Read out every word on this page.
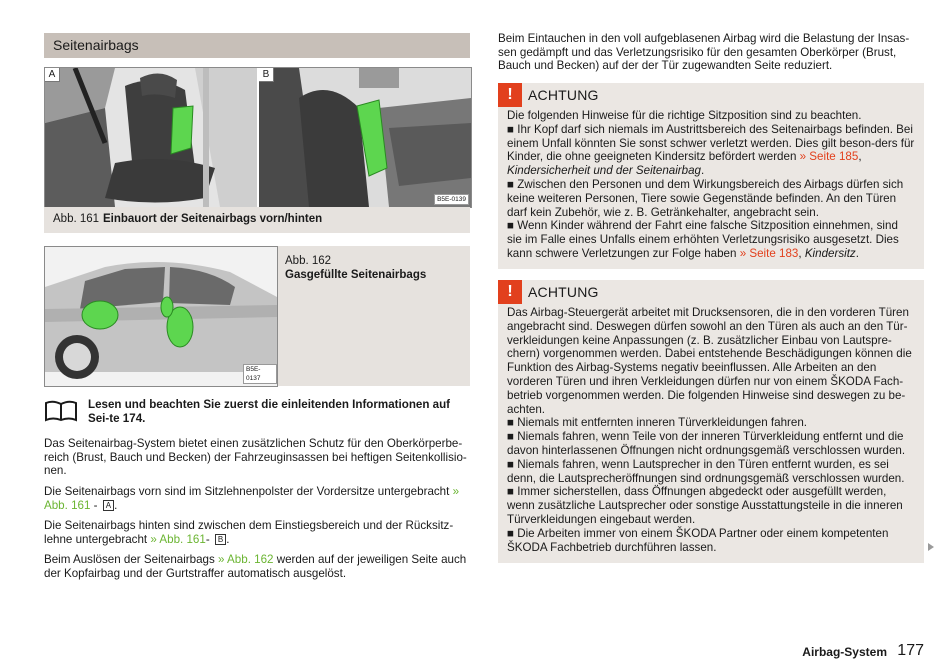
Seitenairbags
A	B
B5E-0139
Abb. 161 Einbauort der Seitenairbags vorn/hinten
B5E-0137
Abb. 162
Gasgefüllte Seitenairbags
Lesen und beachten Sie zuerst die einleitenden Informationen auf Sei-te 174.

Das Seitenairbag-System bietet einen zusätzlichen Schutz für den Oberkörperbe-reich (Brust, Bauch und Becken) der Fahrzeuginsassen bei heftigen Seitenkollisio-nen.

Die Seitenairbags vorn sind im Sitzlehnenpolster der Vordersitze untergebracht » Abb. 161 - A .

Die Seitenairbags hinten sind zwischen dem Einstiegsbereich und der Rücksitz-lehne untergebracht » Abb. 161- B .

Beim Auslösen der Seitenairbags » Abb. 162 werden auf der jeweiligen Seite auch der Kopfairbag und der Gurtstraffer automatisch ausgelöst.

Beim Eintauchen in den voll aufgeblasenen Airbag wird die Belastung der Insas-sen gedämpft und das Verletzungsrisiko für den gesamten Oberkörper (Brust, Bauch und Becken) auf der der Tür zugewandten Seite reduziert.

!	ACHTUNG

Die folgenden Hinweise für die richtige Sitzposition sind zu beachten.

■ Ihr Kopf darf sich niemals im Austrittsbereich des Seitenairbags befinden. Bei einem Unfall könnten Sie sonst schwer verletzt werden. Dies gilt beson-ders für Kinder, die ohne geeigneten Kindersitz befördert werden » Seite 185, Kindersicherheit und der Seitenairbag.

■ Zwischen den Personen und dem Wirkungsbereich des Airbags dürfen sich keine weiteren Personen, Tiere sowie Gegenstände befinden. An den Türen darf kein Zubehör, wie z. B. Getränkehalter, angebracht sein.

■ Wenn Kinder während der Fahrt eine falsche Sitzposition einnehmen, sind sie im Falle eines Unfalls einem erhöhten Verletzungsrisiko ausgesetzt. Dies kann schwere Verletzungen zur Folge haben » Seite 183, Kindersitz.

!	ACHTUNG

Das Airbag-Steuergerät arbeitet mit Drucksensoren, die in den vorderen Türen angebracht sind. Deswegen dürfen sowohl an den Türen als auch an den Tür-verkleidungen keine Anpassungen (z. B. zusätzlicher Einbau von Lautspre-chern) vorgenommen werden. Dabei entstehende Beschädigungen können die Funktion des Airbag-Systems negativ beeinflussen. Alle Arbeiten an den vorderen Türen und ihren Verkleidungen dürfen nur von einem ŠKODA Fach-betrieb vorgenommen werden. Die folgenden Hinweise sind deswegen zu be-achten.

■ Niemals mit entfernten inneren Türverkleidungen fahren.

■ Niemals fahren, wenn Teile von der inneren Türverkleidung entfernt und die davon hinterlassenen Öffnungen nicht ordnungsgemäß verschlossen wurden.

■ Niemals fahren, wenn Lautsprecher in den Türen entfernt wurden, es sei denn, die Lautsprecheröffnungen sind ordnungsgemäß verschlossen wurden.

■ Immer sicherstellen, dass Öffnungen abgedeckt oder ausgefüllt werden, wenn zusätzliche Lautsprecher oder sonstige Ausstattungsteile in die inneren Türverkleidungen eingebaut werden.

■ Die Arbeiten immer von einem ŠKODA Partner oder einem kompetenten ŠKODA Fachbetrieb durchführen lassen.

Airbag-System 177
